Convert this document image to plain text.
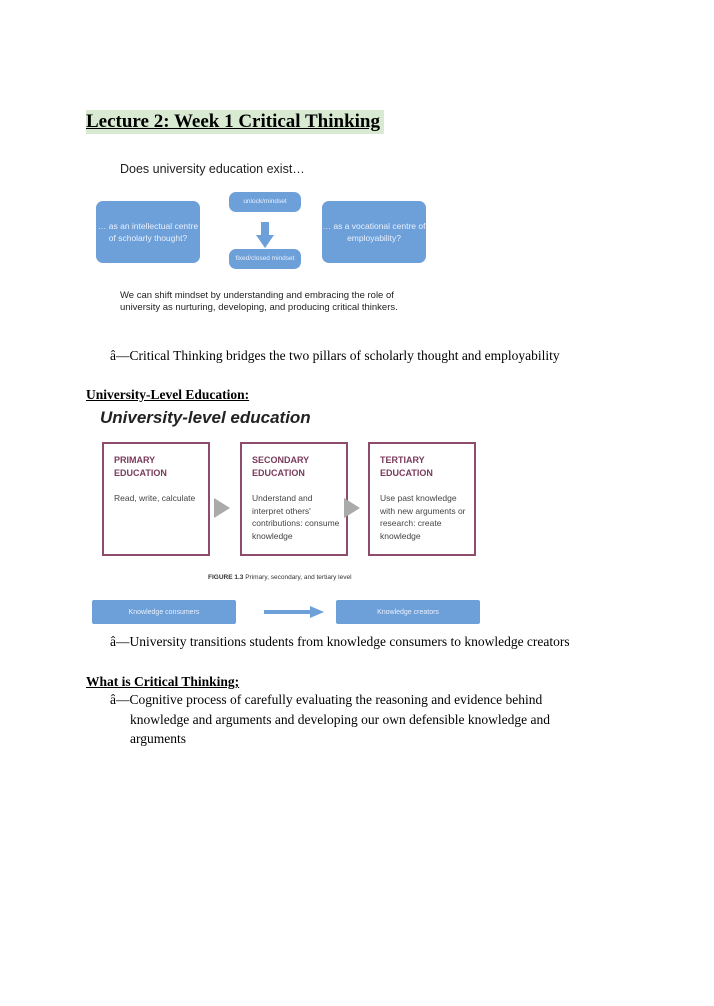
Lecture 2: Week 1 Critical Thinking
Does university education exist…
… as an intellectual centre of scholarly thought?
unlock/mindset
fixed/closed mindset
… as a vocational centre of employability?
We can shift mindset by understanding and embracing the role of university as nurturing, developing, and producing critical thinkers.
â—Critical Thinking bridges the two pillars of scholarly thought and employability
University-Level Education:
University-level education
PRIMARY EDUCATION
Read, write, calculate
SECONDARY EDUCATION
Understand and interpret others' contributions: consume knowledge
TERTIARY EDUCATION
Use past knowledge with new arguments or research: create knowledge
FIGURE 1.3 Primary, secondary, and tertiary level
Knowledge consumers	Knowledge creators
â—University transitions students from knowledge consumers to knowledge creators
What is Critical Thinking;
â—Cognitive process of carefully evaluating the reasoning and evidence behind
knowledge and arguments and developing our own defensible knowledge and
arguments
